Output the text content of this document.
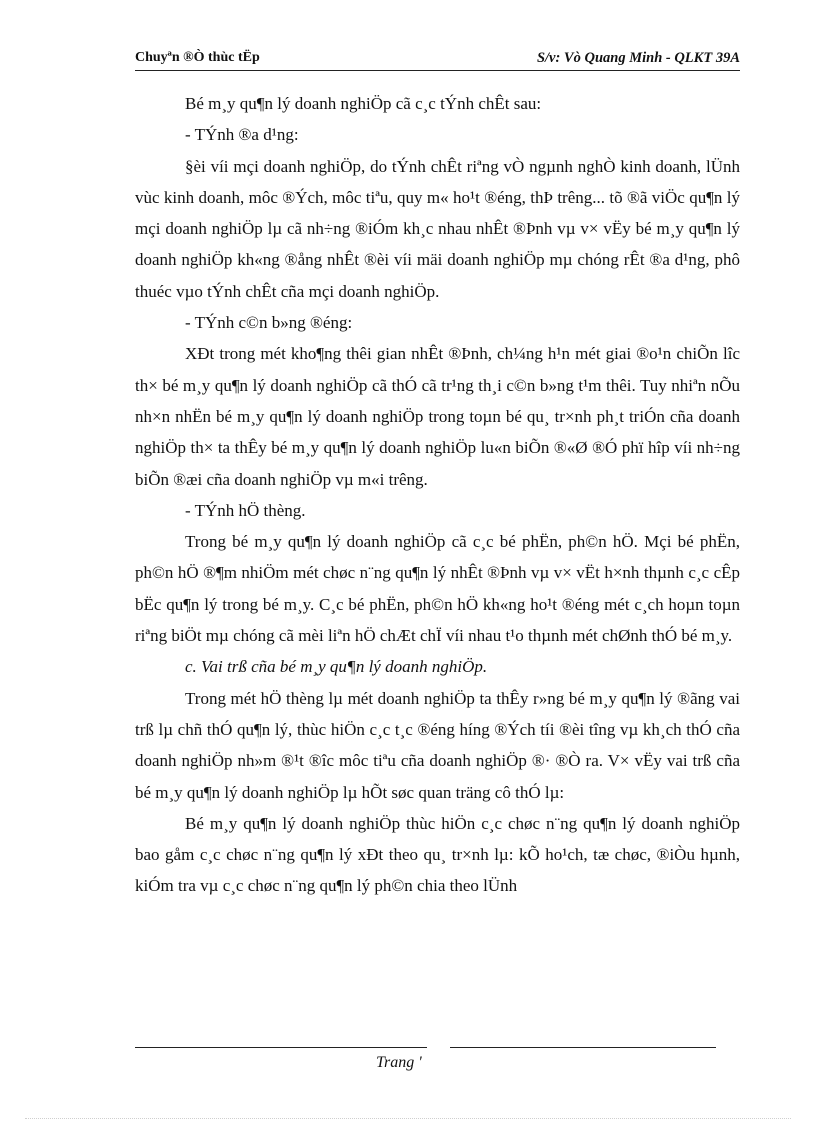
Chuyªn ®Ò thùc tËp	S/v: Vò Quang Minh - QLKT 39A

Bé m¸y qu¶n lý doanh nghiÖp cã c¸c tÝnh chÊt sau:

- TÝnh ®a d¹ng:

§èi víi mçi doanh nghiÖp, do tÝnh chÊt riªng vÒ ngµnh nghÒ kinh doanh, lÜnh vùc kinh doanh, môc ®Ých, môc tiªu, quy m« ho¹t ®éng, thÞ trêng... tõ ®ã viÖc qu¶n lý mçi doanh nghiÖp lµ cã nh÷ng ®iÓm kh¸c nhau nhÊt ®Þnh vµ v× vËy bé m¸y qu¶n lý doanh nghiÖp kh«ng ®ång nhÊt ®èi víi mäi doanh nghiÖp mµ chóng rÊt ®a d¹ng, phô thuéc vµo tÝnh chÊt cña mçi doanh nghiÖp.

- TÝnh c©n b»ng ®éng:

XÐt trong mét kho¶ng thêi gian nhÊt ®Þnh, ch¼ng h¹n mét giai ®o¹n chiÕn lîc th× bé m¸y qu¶n lý doanh nghiÖp cã thÓ cã tr¹ng th¸i c©n b»ng t¹m thêi. Tuy nhiªn nÕu nh×n nhËn bé m¸y qu¶n lý doanh nghiÖp trong toµn bé qu¸ tr×nh ph¸t triÓn cña doanh nghiÖp th× ta thÊy bé m¸y qu¶n lý doanh nghiÖp lu«n biÕn ®«Ø ®Ó phï hîp víi nh÷ng biÕn ®æi cña doanh nghiÖp vµ m«i trêng.

- TÝnh hÖ thèng.

Trong bé m¸y qu¶n lý doanh nghiÖp cã c¸c bé phËn, ph©n hÖ. Mçi bé phËn, ph©n hÖ ®¶m nhiÖm mét chøc n¨ng qu¶n lý nhÊt ®Þnh vµ v× vËt h×nh thµnh c¸c cÊp bËc qu¶n lý trong bé m¸y. C¸c bé phËn, ph©n hÖ kh«ng ho¹t ®éng mét c¸ch hoµn toµn riªng biÖt mµ chóng cã mèi liªn hÖ chÆt chÏ víi nhau t¹o thµnh mét chØnh thÓ bé m¸y.

c. Vai trß cña bé m¸y qu¶n lý doanh nghiÖp.

Trong mét hÖ thèng lµ mét doanh nghiÖp ta thÊy r»ng bé m¸y qu¶n lý ®ãng vai trß lµ chñ thÓ qu¶n lý, thùc hiÖn c¸c t¸c ®éng híng ®Ých tíi ®èi tîng vµ kh¸ch thÓ cña doanh nghiÖp nh»m ®¹t ®îc môc tiªu cña doanh nghiÖp ®· ®Ò ra. V× vËy vai trß cña bé m¸y qu¶n lý doanh nghiÖp lµ hÕt søc quan träng cô thÓ lµ:

Bé m¸y qu¶n lý doanh nghiÖp thùc hiÖn c¸c chøc n¨ng qu¶n lý doanh nghiÖp bao gåm c¸c chøc n¨ng qu¶n lý xÐt theo qu¸ tr×nh lµ: kÕ ho¹ch, tæ chøc, ®iÒu hµnh, kiÓm tra vµ c¸c chøc n¨ng qu¶n lý ph©n chia theo lÜnh

Trang '
